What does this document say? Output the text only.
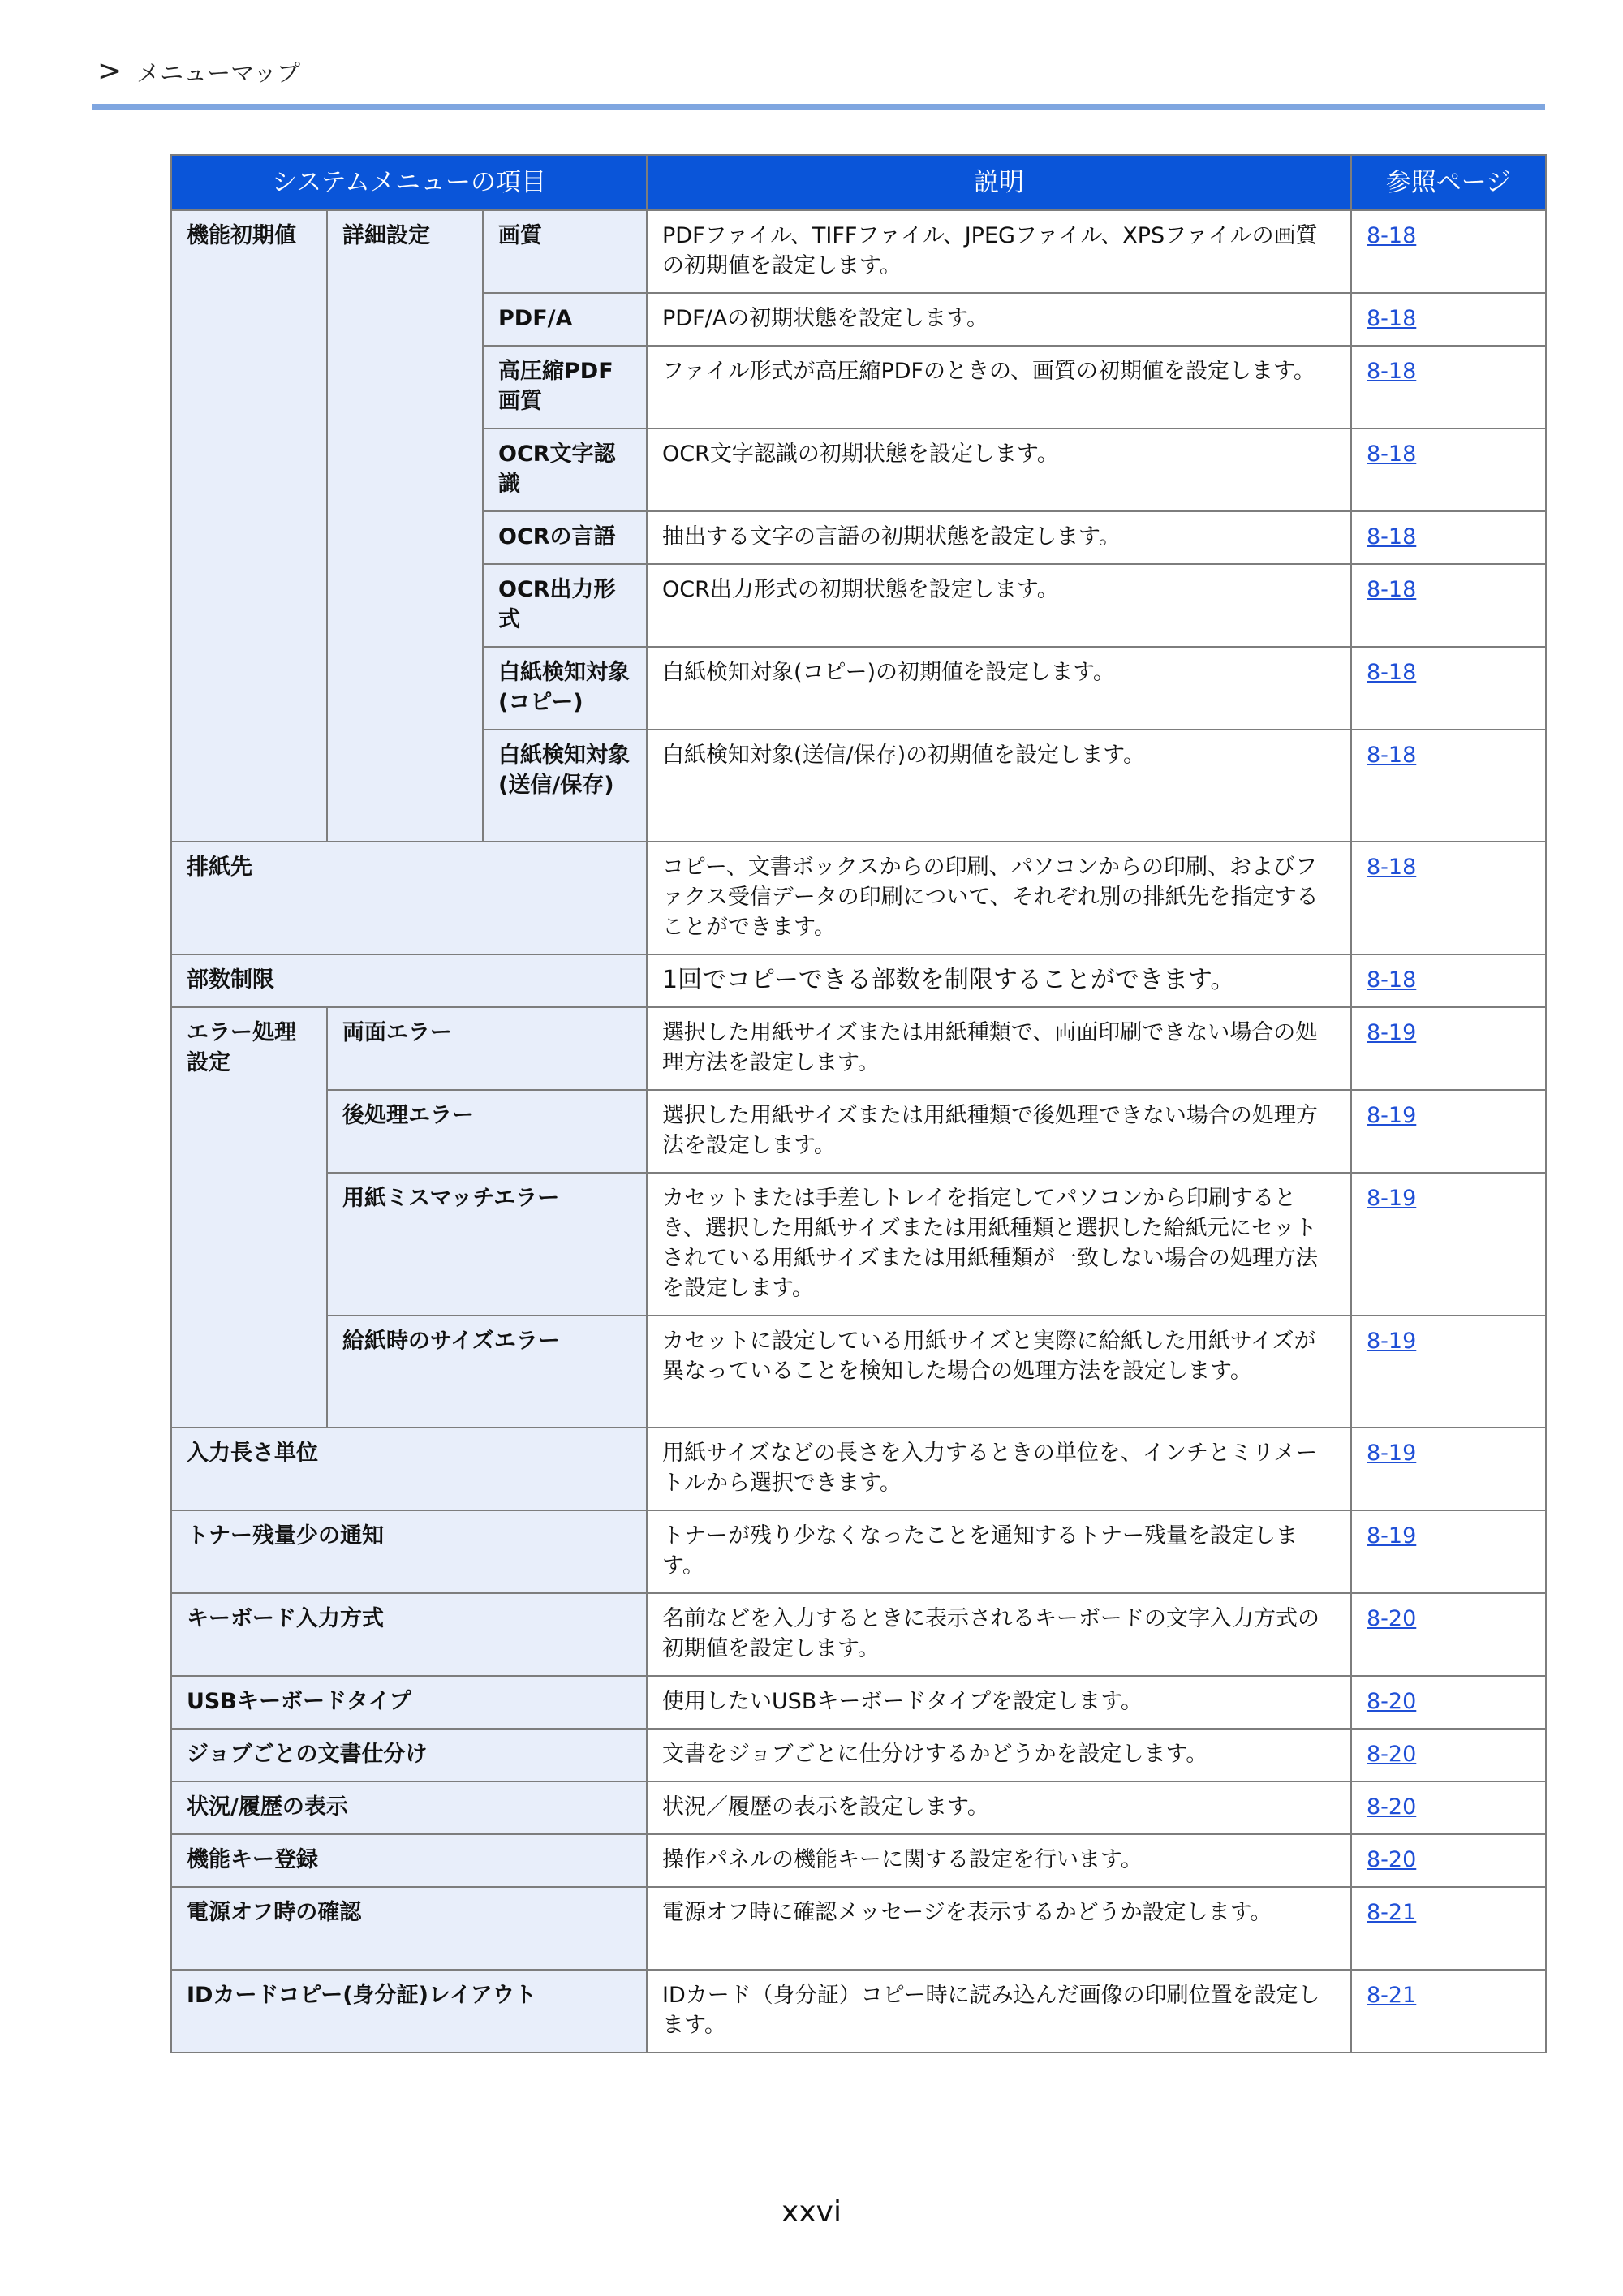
> メニューマップ
システムメニューの項目			説明	参照ページ
機能初期値	詳細設定	画質	PDFファイル、TIFFファイル、JPEGファイル、XPSファイルの画質の初期値を設定します。	8-18
		PDF/A	PDF/Aの初期状態を設定します。	8-18
		高圧縮PDF画質	ファイル形式が高圧縮PDFのときの、画質の初期値を設定します。	8-18
		OCR文字認識	OCR文字認識の初期状態を設定します。	8-18
		OCRの言語	抽出する文字の言語の初期状態を設定します。	8-18
		OCR出力形式	OCR出力形式の初期状態を設定します。	8-18
		白紙検知対象(コピー)	白紙検知対象(コピー)の初期値を設定します。	8-18
		白紙検知対象(送信/保存)	白紙検知対象(送信/保存)の初期値を設定します。	8-18
排紙先			コピー、文書ボックスからの印刷、パソコンからの印刷、およびファクス受信データの印刷について、それぞれ別の排紙先を指定することができます。	8-18
部数制限			1回でコピーできる部数を制限することができます。	8-18
エラー処理設定	両面エラー		選択した用紙サイズまたは用紙種類で、両面印刷できない場合の処理方法を設定します。	8-19
	後処理エラー		選択した用紙サイズまたは用紙種類で後処理できない場合の処理方法を設定します。	8-19
	用紙ミスマッチエラー		カセットまたは手差しトレイを指定してパソコンから印刷するとき、選択した用紙サイズまたは用紙種類と選択した給紙元にセットされている用紙サイズまたは用紙種類が一致しない場合の処理方法を設定します。	8-19
	給紙時のサイズエラー		カセットに設定している用紙サイズと実際に給紙した用紙サイズが異なっていることを検知した場合の処理方法を設定します。	8-19
入力長さ単位			用紙サイズなどの長さを入力するときの単位を、インチとミリメートルから選択できます。	8-19
トナー残量少の通知			トナーが残り少なくなったことを通知するトナー残量を設定します。	8-19
キーボード入力方式			名前などを入力するときに表示されるキーボードの文字入力方式の初期値を設定します。	8-20
USBキーボードタイプ			使用したいUSBキーボードタイプを設定します。	8-20
ジョブごとの文書仕分け			文書をジョブごとに仕分けするかどうかを設定します。	8-20
状況/履歴の表示			状況／履歴の表示を設定します。	8-20
機能キー登録			操作パネルの機能キーに関する設定を行います。	8-20
電源オフ時の確認			電源オフ時に確認メッセージを表示するかどうか設定します。	8-21
IDカードコピー(身分証)レイアウト			IDカード（身分証）コピー時に読み込んだ画像の印刷位置を設定します。	8-21
xxvi
